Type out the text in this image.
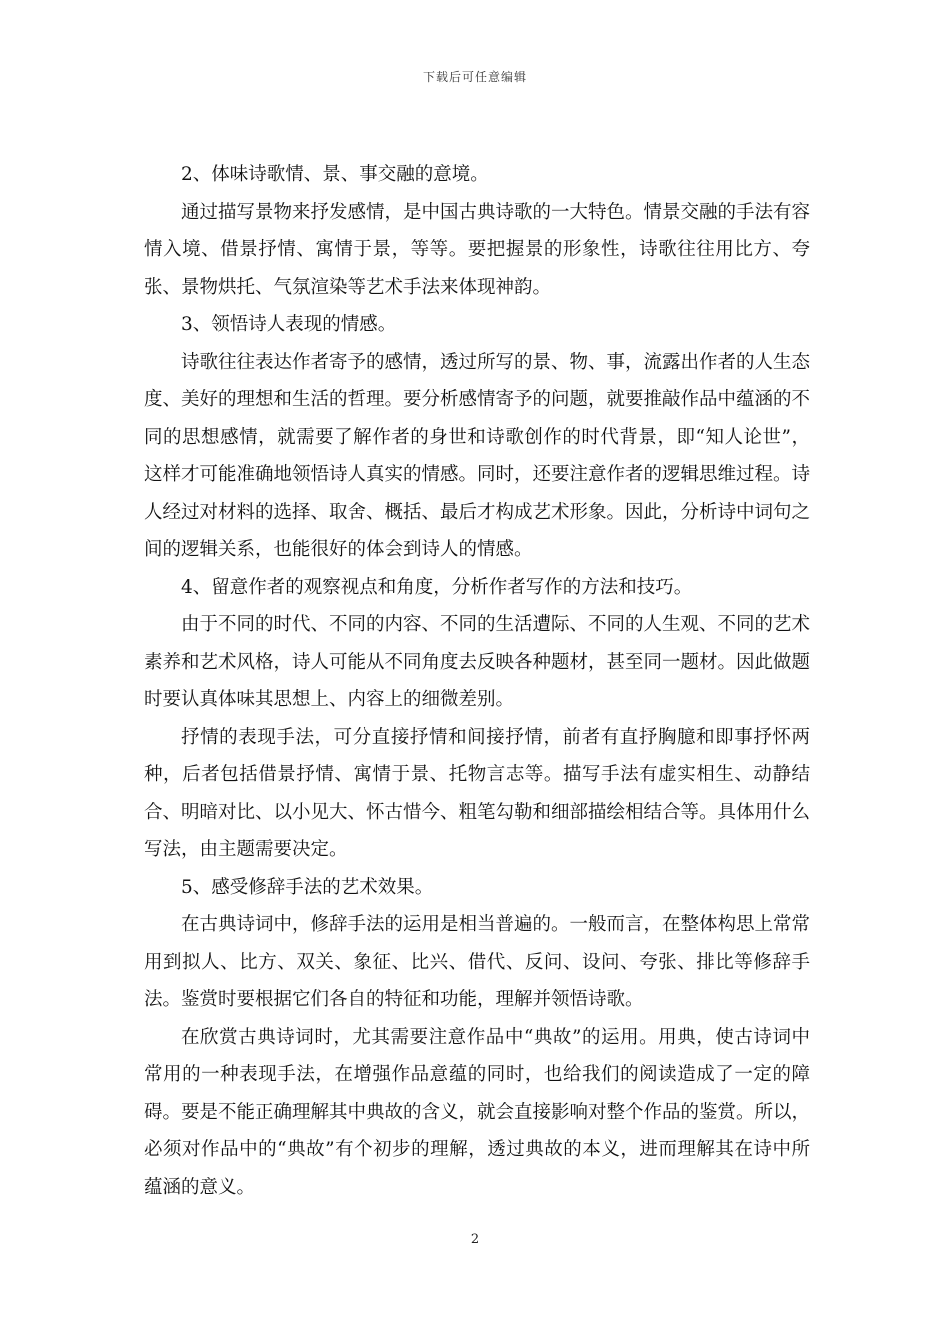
下载后可任意编辑

2、体味诗歌情、景、事交融的意境。

通过描写景物来抒发感情，是中国古典诗歌的一大特色。情景交融的手法有容情入境、借景抒情、寓情于景，等等。要把握景的形象性，诗歌往往用比方、夸张、景物烘托、气氛渲染等艺术手法来体现神韵。

3、领悟诗人表现的情感。

诗歌往往表达作者寄予的感情，透过所写的景、物、事，流露出作者的人生态度、美好的理想和生活的哲理。要分析感情寄予的问题，就要推敲作品中蕴涵的不同的思想感情，就需要了解作者的身世和诗歌创作的时代背景，即“知人论世”，这样才可能准确地领悟诗人真实的情感。同时，还要注意作者的逻辑思维过程。诗人经过对材料的选择、取舍、概括、最后才构成艺术形象。因此，分析诗中词句之间的逻辑关系，也能很好的体会到诗人的情感。

4、留意作者的观察视点和角度，分析作者写作的方法和技巧。

由于不同的时代、不同的内容、不同的生活遭际、不同的人生观、不同的艺术素养和艺术风格，诗人可能从不同角度去反映各种题材，甚至同一题材。因此做题时要认真体味其思想上、内容上的细微差别。

抒情的表现手法，可分直接抒情和间接抒情，前者有直抒胸臆和即事抒怀两种，后者包括借景抒情、寓情于景、托物言志等。描写手法有虚实相生、动静结合、明暗对比、以小见大、怀古惜今、粗笔勾勒和细部描绘相结合等。具体用什么写法，由主题需要决定。

5、感受修辞手法的艺术效果。

在古典诗词中，修辞手法的运用是相当普遍的。一般而言，在整体构思上常常用到拟人、比方、双关、象征、比兴、借代、反问、设问、夸张、排比等修辞手法。鉴赏时要根据它们各自的特征和功能，理解并领悟诗歌。

在欣赏古典诗词时，尤其需要注意作品中“典故”的运用。用典，使古诗词中常用的一种表现手法，在增强作品意蕴的同时，也给我们的阅读造成了一定的障碍。要是不能正确理解其中典故的含义，就会直接影响对整个作品的鉴赏。所以，必须对作品中的“典故”有个初步的理解，透过典故的本义，进而理解其在诗中所蕴涵的意义。

2
